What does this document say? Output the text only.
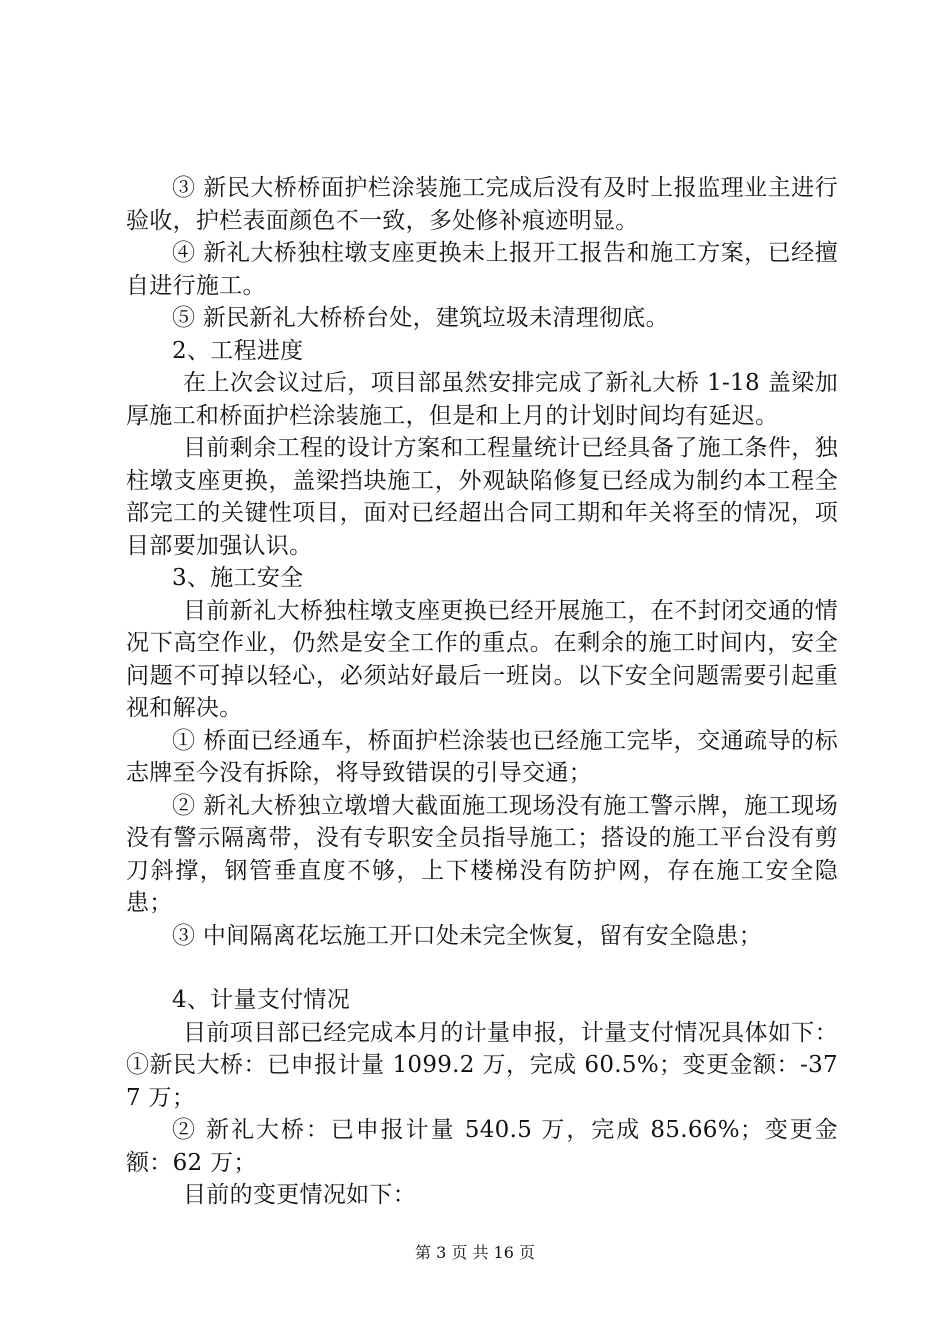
③ 新民大桥桥面护栏涂装施工完成后没有及时上报监理业主进行验收，护栏表面颜色不一致，多处修补痕迹明显。

④ 新礼大桥独柱墩支座更换未上报开工报告和施工方案，已经擅自进行施工。

⑤ 新民新礼大桥桥台处，建筑垃圾未清理彻底。

2、工程进度

在上次会议过后，项目部虽然安排完成了新礼大桥 1-18 盖梁加厚施工和桥面护栏涂装施工，但是和上月的计划时间均有延迟。

目前剩余工程的设计方案和工程量统计已经具备了施工条件，独柱墩支座更换，盖梁挡块施工，外观缺陷修复已经成为制约本工程全部完工的关键性项目，面对已经超出合同工期和年关将至的情况，项目部要加强认识。

3、施工安全

目前新礼大桥独柱墩支座更换已经开展施工，在不封闭交通的情况下高空作业，仍然是安全工作的重点。在剩余的施工时间内，安全问题不可掉以轻心，必须站好最后一班岗。以下安全问题需要引起重视和解决。

① 桥面已经通车，桥面护栏涂装也已经施工完毕，交通疏导的标志牌至今没有拆除，将导致错误的引导交通；

② 新礼大桥独立墩增大截面施工现场没有施工警示牌，施工现场没有警示隔离带，没有专职安全员指导施工；搭设的施工平台没有剪刀斜撑，钢管垂直度不够，上下楼梯没有防护网，存在施工安全隐患；

③ 中间隔离花坛施工开口处未完全恢复，留有安全隐患；

4、计量支付情况

目前项目部已经完成本月的计量申报，计量支付情况具体如下：①新民大桥：已申报计量 1099.2 万，完成 60.5%；变更金额：-377 万；

② 新礼大桥：已申报计量 540.5 万，完成 85.66%；变更金额：62 万；

目前的变更情况如下：

第 3 页 共 16 页
